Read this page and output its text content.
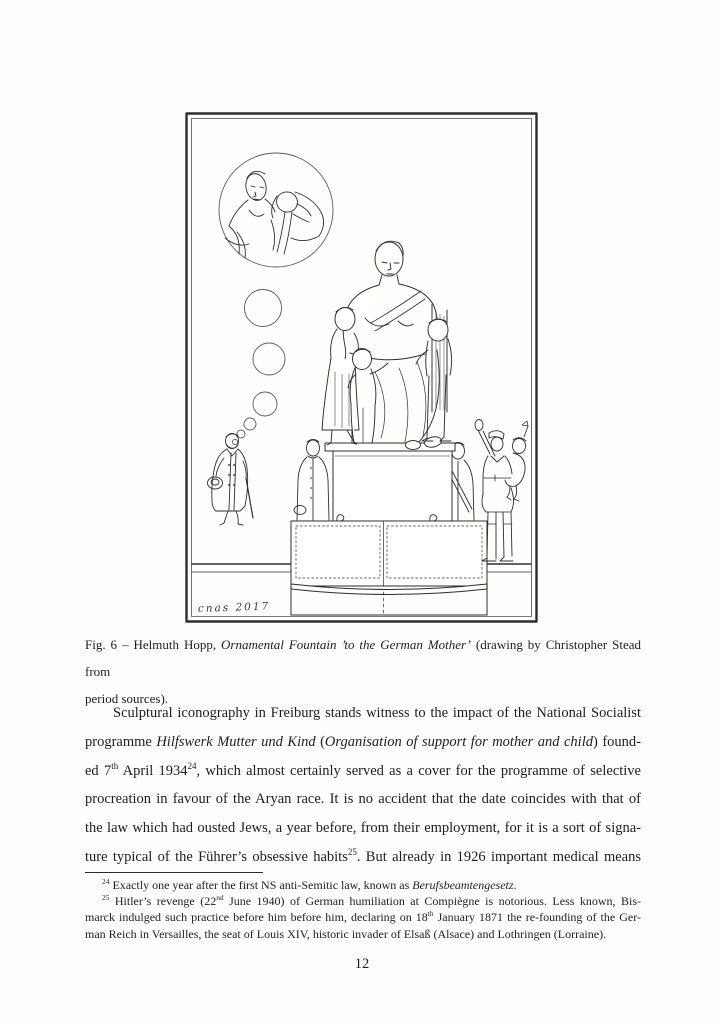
cnas 2017
Fig. 6 – Helmuth Hopp, Ornamental Fountain ’to the German Mother’ (drawing by Christopher Stead from
period sources).
Sculptural iconography in Freiburg stands witness to the impact of the National Socialist
programme Hilfswerk Mutter und Kind (Organisation of support for mother and child) found-
ed 7th April 1934$^{24}$, which almost certainly served as a cover for the programme of selective
procreation in favour of the Aryan race. It is no accident that the date coincides with that of
the law which had ousted Jews, a year before, from their employment, for it is a sort of signa-
ture typical of the Führer’s obsessive habits$^{25}$. But already in 1926 important medical means
$^{24}$ Exactly one year after the first NS anti-Semitic law, known as Berufsbeamtengesetz.
$^{25}$ Hitler’s revenge (22nd June 1940) of German humiliation at Compiègne is notorious. Less known, Bis-
marck indulged such practice before him before him, declaring on 18th January 1871 the re-founding of the Ger-
man Reich in Versailles, the seat of Louis XIV, historic invader of Elsaß (Alsace) and Lothringen (Lorraine).
12
